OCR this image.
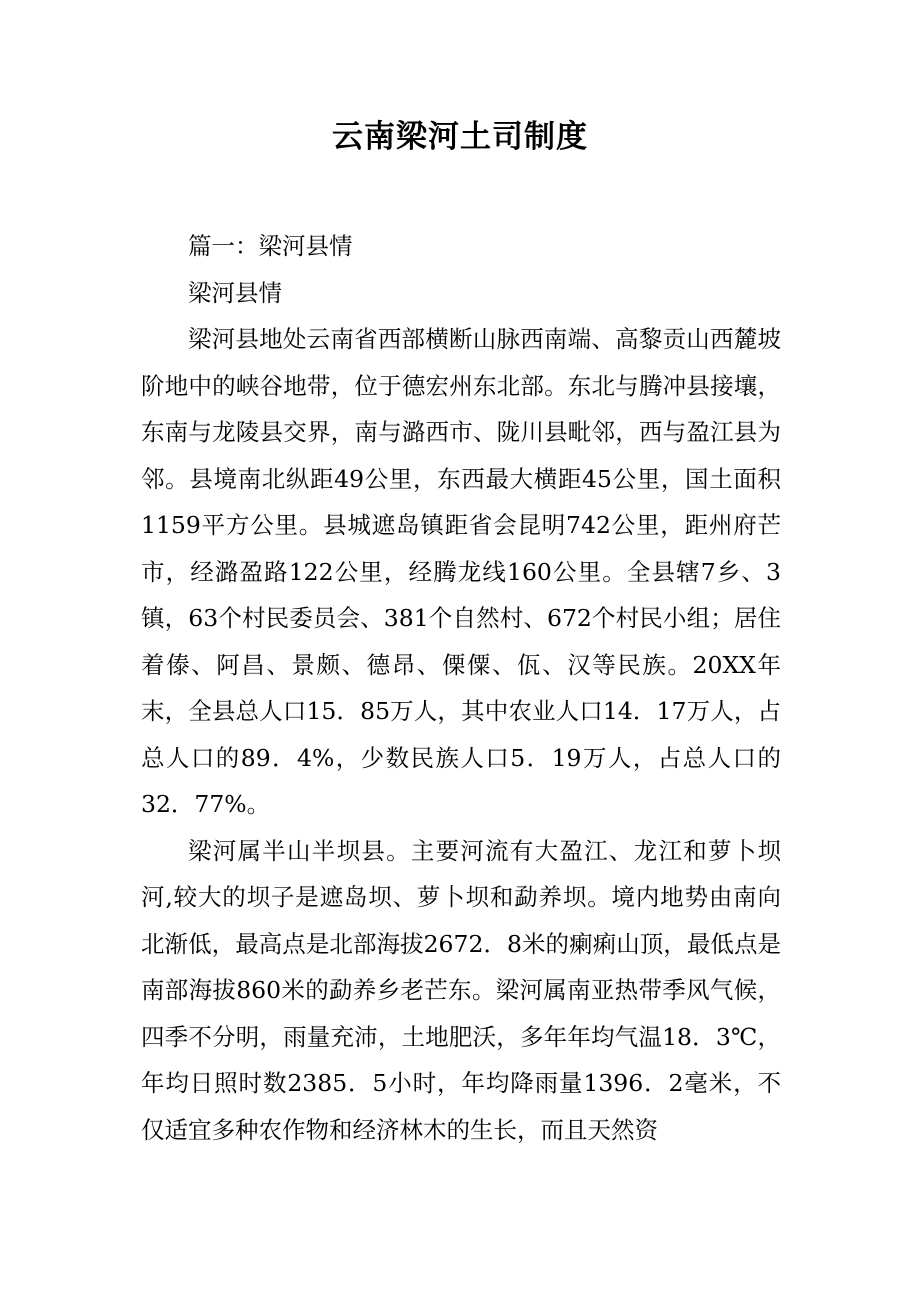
云南梁河土司制度

篇一：梁河县情

梁河县情

梁河县地处云南省西部横断山脉西南端、高黎贡山西麓坡阶地中的峡谷地带，位于德宏州东北部。东北与腾冲县接壤，东南与龙陵县交界，南与潞西市、陇川县毗邻，西与盈江县为邻。县境南北纵距49公里，东西最大横距45公里，国土面积1159平方公里。县城遮岛镇距省会昆明742公里，距州府芒市，经潞盈路122公里，经腾龙线160公里。全县辖7乡、3镇，63个村民委员会、381个自然村、672个村民小组；居住着傣、阿昌、景颇、德昂、傈僳、佤、汉等民族。20XX年末，全县总人口15．85万人，其中农业人口14．17万人，占总人口的89．4%，少数民族人口5．19万人，占总人口的32．77%。

梁河属半山半坝县。主要河流有大盈江、龙江和萝卜坝河,较大的坝子是遮岛坝、萝卜坝和勐养坝。境内地势由南向北渐低，最高点是北部海拔2672．8米的瘌痢山顶，最低点是南部海拔860米的勐养乡老芒东。梁河属南亚热带季风气候，四季不分明，雨量充沛，土地肥沃，多年年均气温18．3℃，年均日照时数2385．5小时，年均降雨量1396．2毫米，不仅适宜多种农作物和经济林木的生长，而且天然资
